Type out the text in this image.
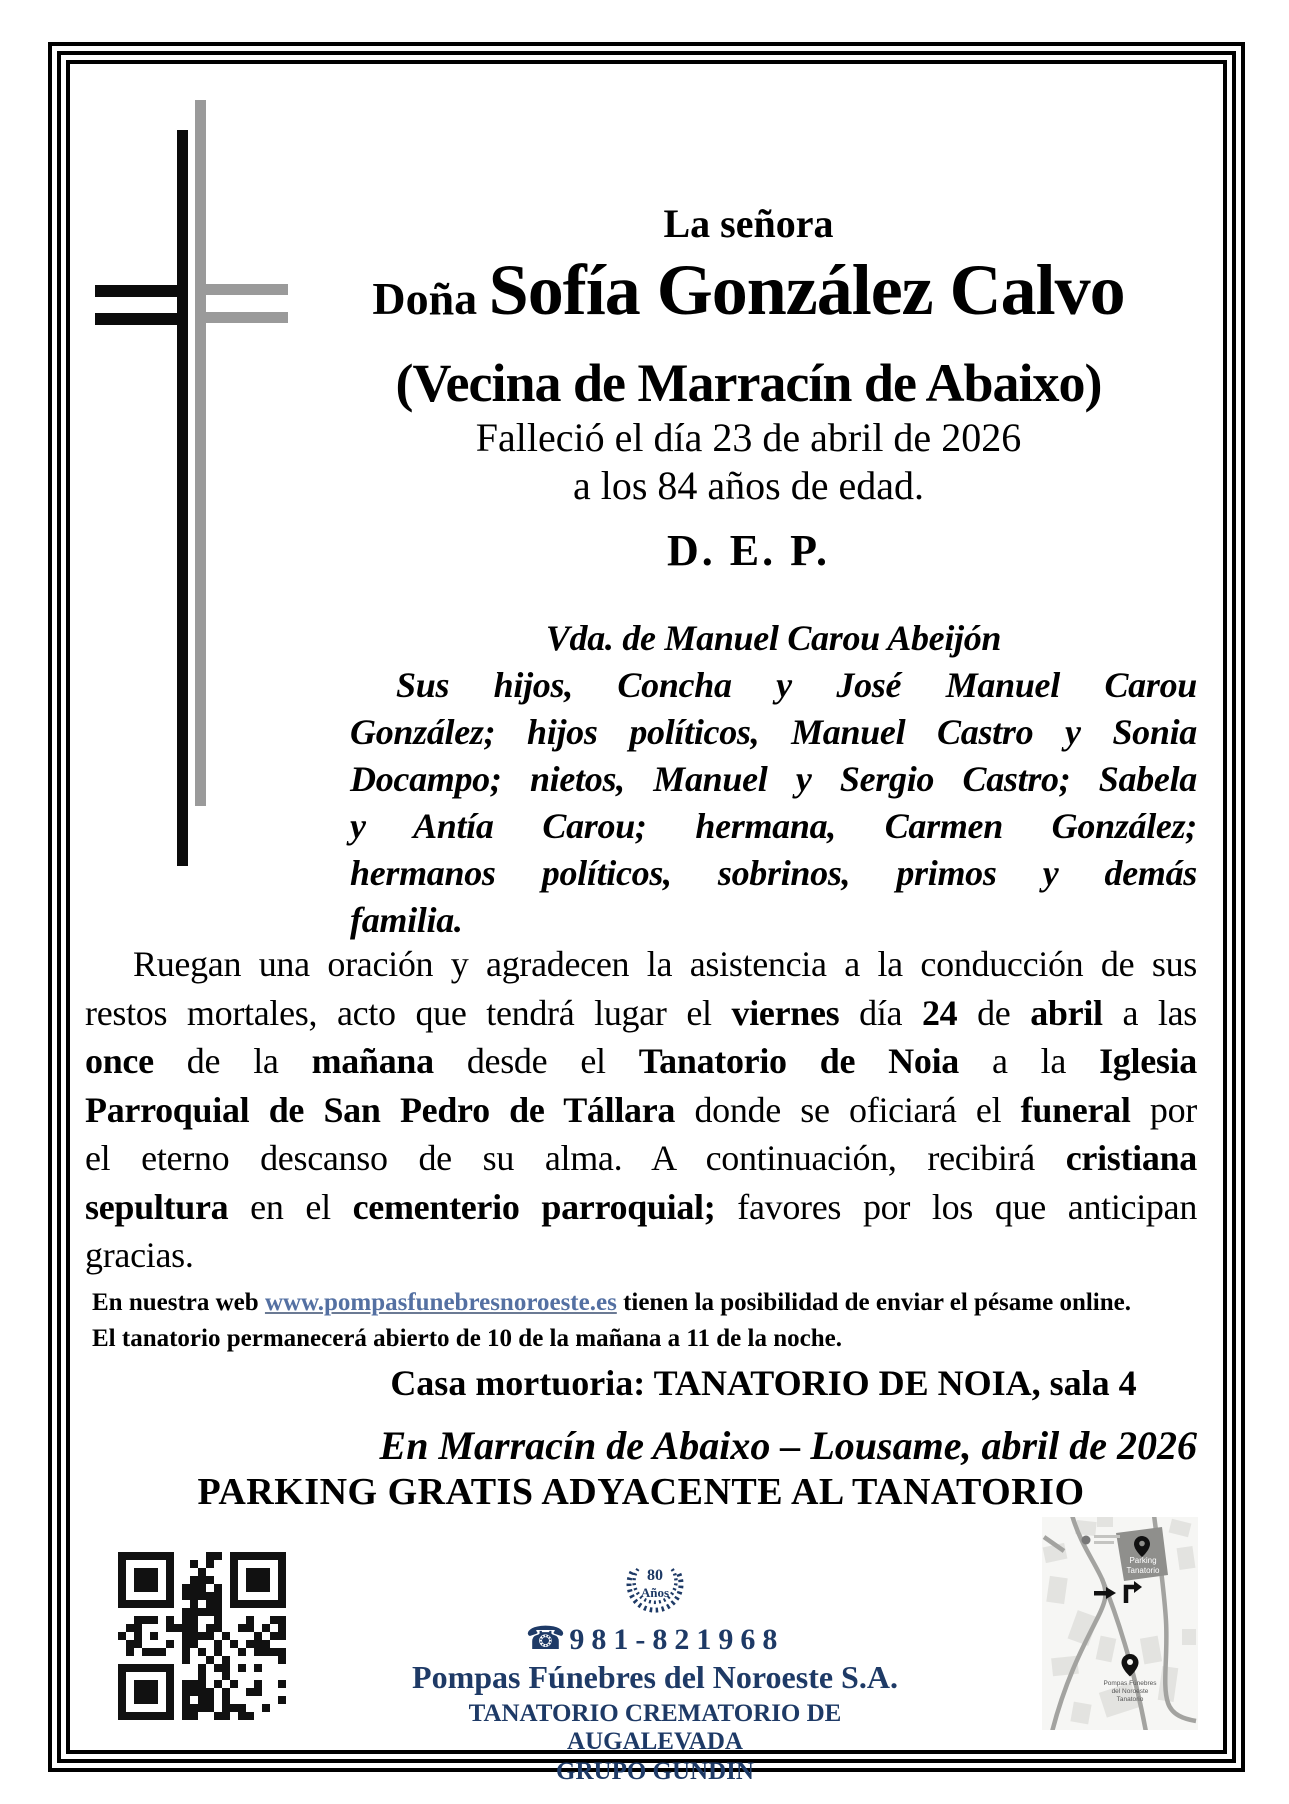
La señora
Doña Sofía González Calvo
(Vecina de Marracín de Abaixo)
Falleció el día 23 de abril de 2026
a los 84 años de edad.
D. E. P.
Vda. de Manuel Carou Abeijón
Sus hijos, Concha y José Manuel Carou
González; hijos políticos, Manuel Castro y Sonia
Docampo; nietos, Manuel y Sergio Castro; Sabela
y Antía Carou; hermana, Carmen González;
hermanos políticos, sobrinos, primos y demás
familia.
Ruegan una oración y agradecen la asistencia a la conducción de sus
restos mortales, acto que tendrá lugar el viernes día 24 de abril a las
once de la mañana desde el Tanatorio de Noia a la Iglesia
Parroquial de San Pedro de Tállara donde se oficiará el funeral por
el eterno descanso de su alma. A continuación, recibirá cristiana
sepultura en el cementerio parroquial; favores por los que anticipan
gracias.
En nuestra web www.pompasfunebresnoroeste.es tienen la posibilidad de enviar el pésame online.
El tanatorio permanecerá abierto de 10 de la mañana a 11 de la noche.
Casa mortuoria: TANATORIO DE NOIA, sala 4
En Marracín de Abaixo – Lousame, abril de 2026
PARKING GRATIS ADYACENTE AL TANATORIO
80
Años
☎ 981-821968
Pompas Fúnebres del Noroeste S.A.
TANATORIO CREMATORIO DE AUGALEVADA
GRUPO GUNDIN
Parking
Tanatorio
Pompas Fúnebres
del Noroeste
Tanatorio
